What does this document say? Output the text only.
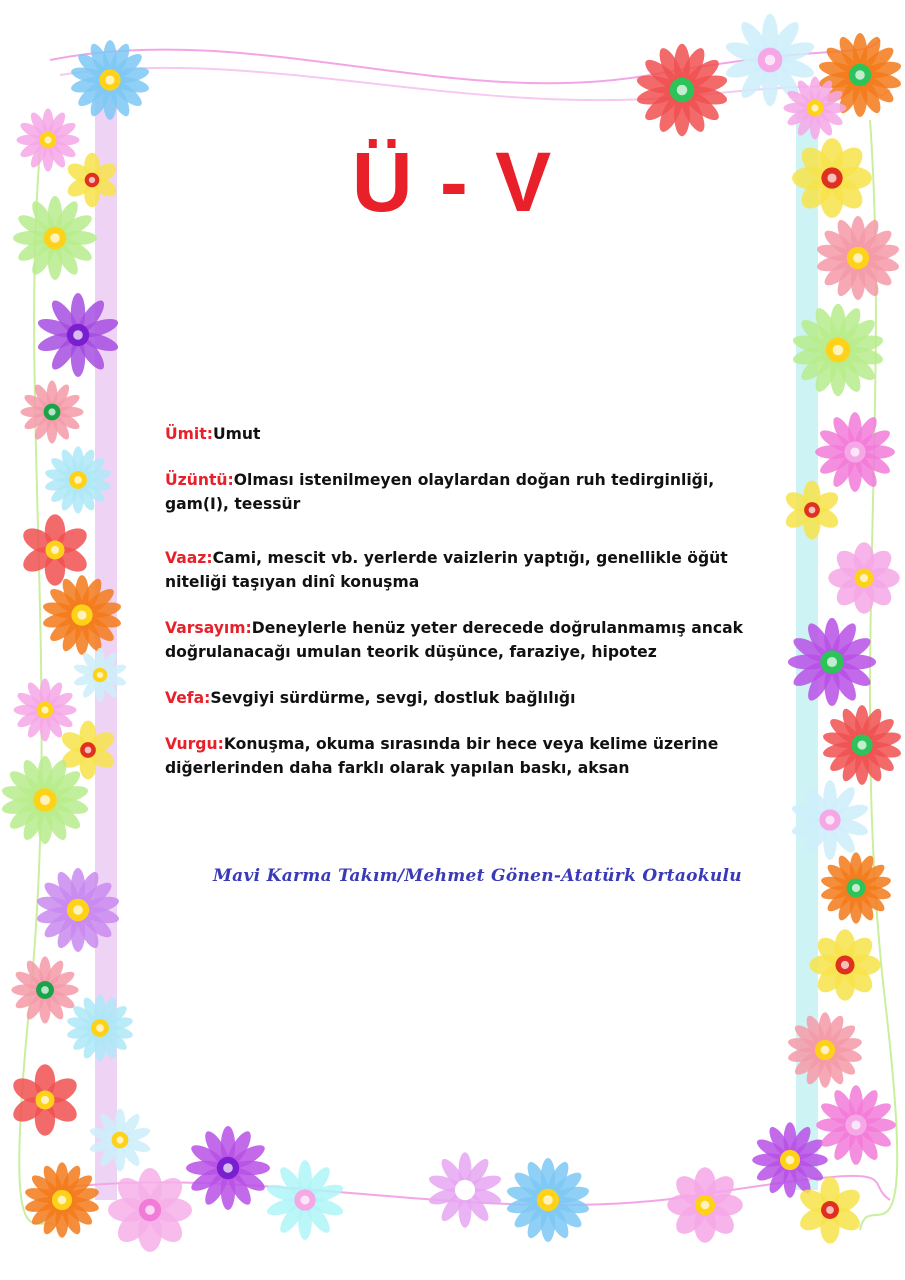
Ü - V

Ümit:Umut

Üzüntü:Olması istenilmeyen olaylardan doğan ruh tedirginliği, gam(I), teessür

Vaaz:Cami, mescit vb. yerlerde vaizlerin yaptığı, genellikle öğüt niteliği taşıyan dinî konuşma

Varsayım:Deneylerle henüz yeter derecede doğrulanmamış ancak doğrulanacağı umulan teorik düşünce, faraziye, hipotez

Vefa:Sevgiyi sürdürme, sevgi, dostluk bağlılığı

Vurgu:Konuşma, okuma sırasında bir hece veya kelime üzerine diğerlerinden daha farklı olarak yapılan baskı, aksan

Mavi Karma Takım/Mehmet Gönen-Atatürk Ortaokulu
